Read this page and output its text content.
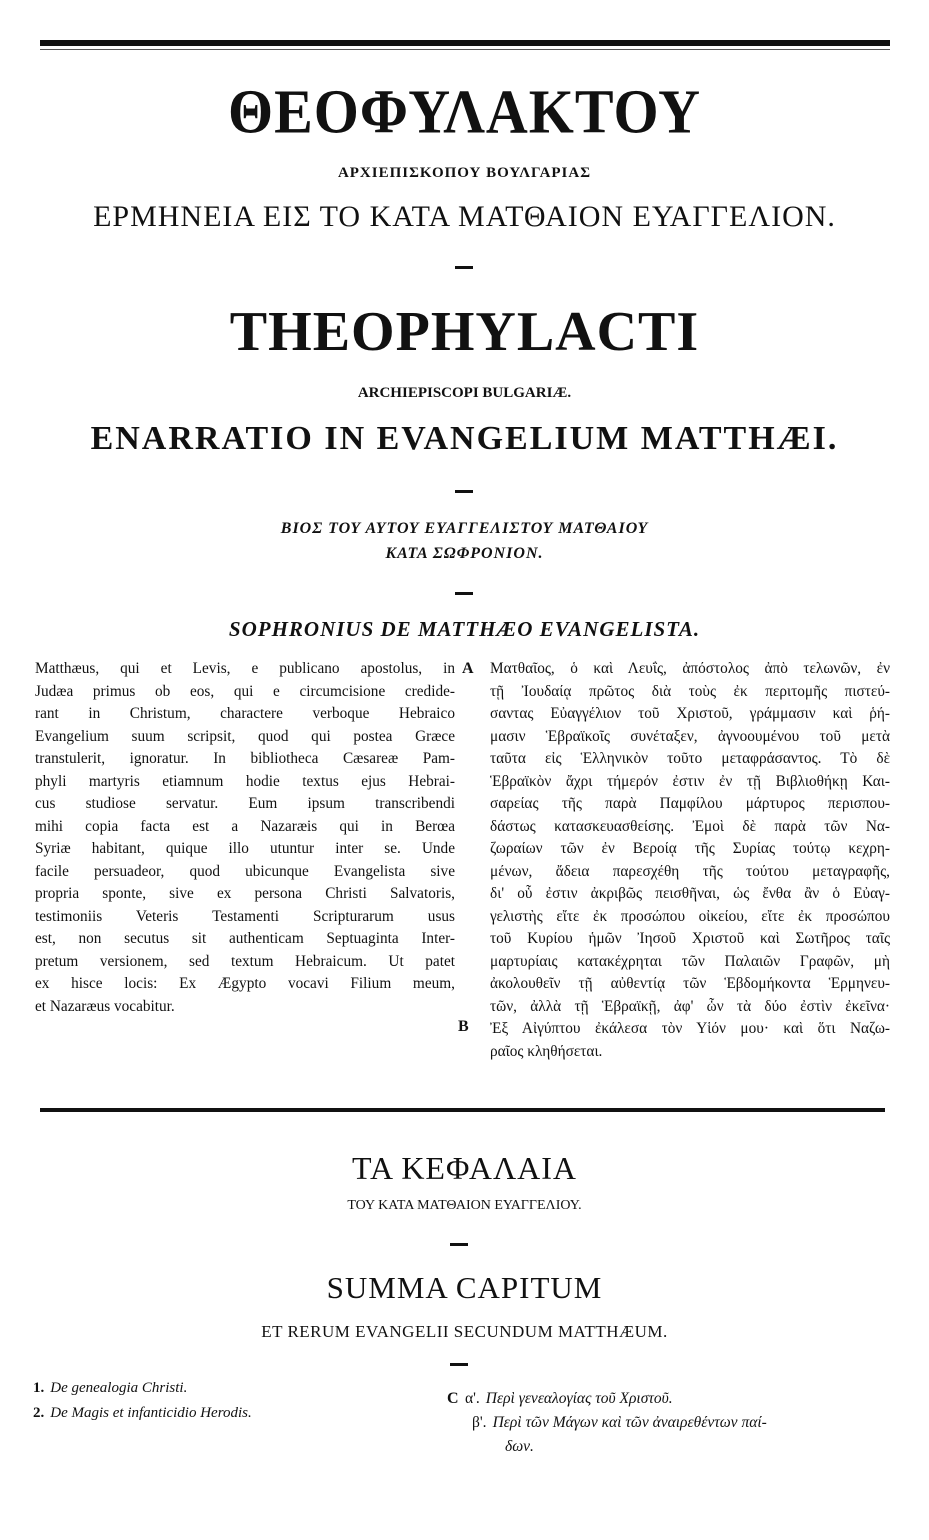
ΘΕΟΦΥΛΑΚΤΟΥ
ΑΡΧΙΕΠΙΣΚΟΠΟΥ ΒΟΥΛΓΑΡΙΑΣ
ΕΡΜΗΝΕΙΑ ΕΙΣ ΤΟ ΚΑΤΑ ΜΑΤΘΑΙΟΝ ΕΥΑΓΓΕΛΙΟΝ.
THEOPHYLACTI
ARCHIEPISCOPI BULGARIÆ.
ENARRATIO IN EVANGELIUM MATTHÆI.
ΒΙΟΣ ΤΟΥ ΑΥΤΟΥ ΕΥΑΓΓΕΛΙΣΤΟΥ ΜΑΤΘΑΙΟΥ
ΚΑΤΑ ΣΩΦΡΟΝΙΟΝ.
SOPHRONIUS DE MATTHÆO EVANGELISTA.
Matthæus, qui et Levis, e publicano apostolus, in
Judæa primus ob eos, qui e circumcisione credide-
rant in Christum, charactere verboque Hebraico
Evangelium suum scripsit, quod qui postea Græce
transtulerit, ignoratur. In bibliotheca Cæsareæ Pam-
phyli martyris etiamnum hodie textus ejus Hebrai-
cus studiose servatur. Eum ipsum transcribendi
mihi copia facta est a Nazaræis qui in Berœa
Syriæ habitant, quique illo utuntur inter se. Unde
facile persuadeor, quod ubicunque Evangelista sive
propria sponte, sive ex persona Christi Salvatoris,
testimoniis Veteris Testamenti Scripturarum usus
est, non secutus sit authenticam Septuaginta Inter-
pretum versionem, sed textum Hebraicum. Ut patet
ex hisce locis: Ex Ægypto vocavi Filium meum,
et Nazaræus vocabitur.
A
B
Ματθαῖος, ὁ καὶ Λευΐς, ἀπόστολος ἀπὸ τελωνῶν, ἐν
τῇ Ἰουδαίᾳ πρῶτος διὰ τοὺς ἐκ περιτομῆς πιστεύ-
σαντας Εὐαγγέλιον τοῦ Χριστοῦ, γράμμασιν καὶ ῥή-
μασιν Ἑβραϊκοῖς συνέταξεν, ἀγνοουμένου τοῦ μετὰ
ταῦτα εἰς Ἑλληνικὸν τοῦτο μεταφράσαντος. Τὸ δὲ
Ἑβραϊκὸν ἄχρι τήμερόν ἐστιν ἐν τῇ Βιβλιοθήκῃ Και-
σαρείας τῆς παρὰ Παμφίλου μάρτυρος περισπου-
δάστως κατασκευασθείσης. Ἐμοὶ δὲ παρὰ τῶν Να-
ζωραίων τῶν ἐν Βεροίᾳ τῆς Συρίας τούτῳ κεχρη-
μένων, ἄδεια παρεσχέθη τῆς τούτου μεταγραφῆς,
δι' οὗ ἐστιν ἀκριβῶς πεισθῆναι, ὡς ἔνθα ἂν ὁ Εὐαγ-
γελιστὴς εἴτε ἐκ προσώπου οἰκείου, εἴτε ἐκ προσώπου
τοῦ Κυρίου ἡμῶν Ἰησοῦ Χριστοῦ καὶ Σωτῆρος ταῖς
μαρτυρίαις κατακέχρηται τῶν Παλαιῶν Γραφῶν, μὴ
ἀκολουθεῖν τῇ αὐθεντίᾳ τῶν Ἑβδομήκοντα Ἑρμηνευ-
τῶν, ἀλλὰ τῇ Ἑβραϊκῇ, ἀφ' ὧν τὰ δύο ἐστὶν ἐκεῖνα·
Ἐξ Αἰγύπτου ἐκάλεσα τὸν Υἱόν μου· καὶ ὅτι Ναζω-
ραῖος κληθήσεται.
ΤΑ ΚΕΦΑΛΑΙΑ
ΤΟΥ ΚΑΤΑ ΜΑΤΘΑΙΟΝ ΕΥΑΓΓΕΛΙΟΥ.
SUMMA CAPITUM
ET RERUM EVANGELII SECUNDUM MATTHÆUM.
1. De genealogia Christi.
2. De Magis et infanticidio Herodis.
C α'. Περὶ γενεαλογίας τοῦ Χριστοῦ.
β'. Περὶ τῶν Μάγων καὶ τῶν ἀναιρεθέντων παί-
δων.
